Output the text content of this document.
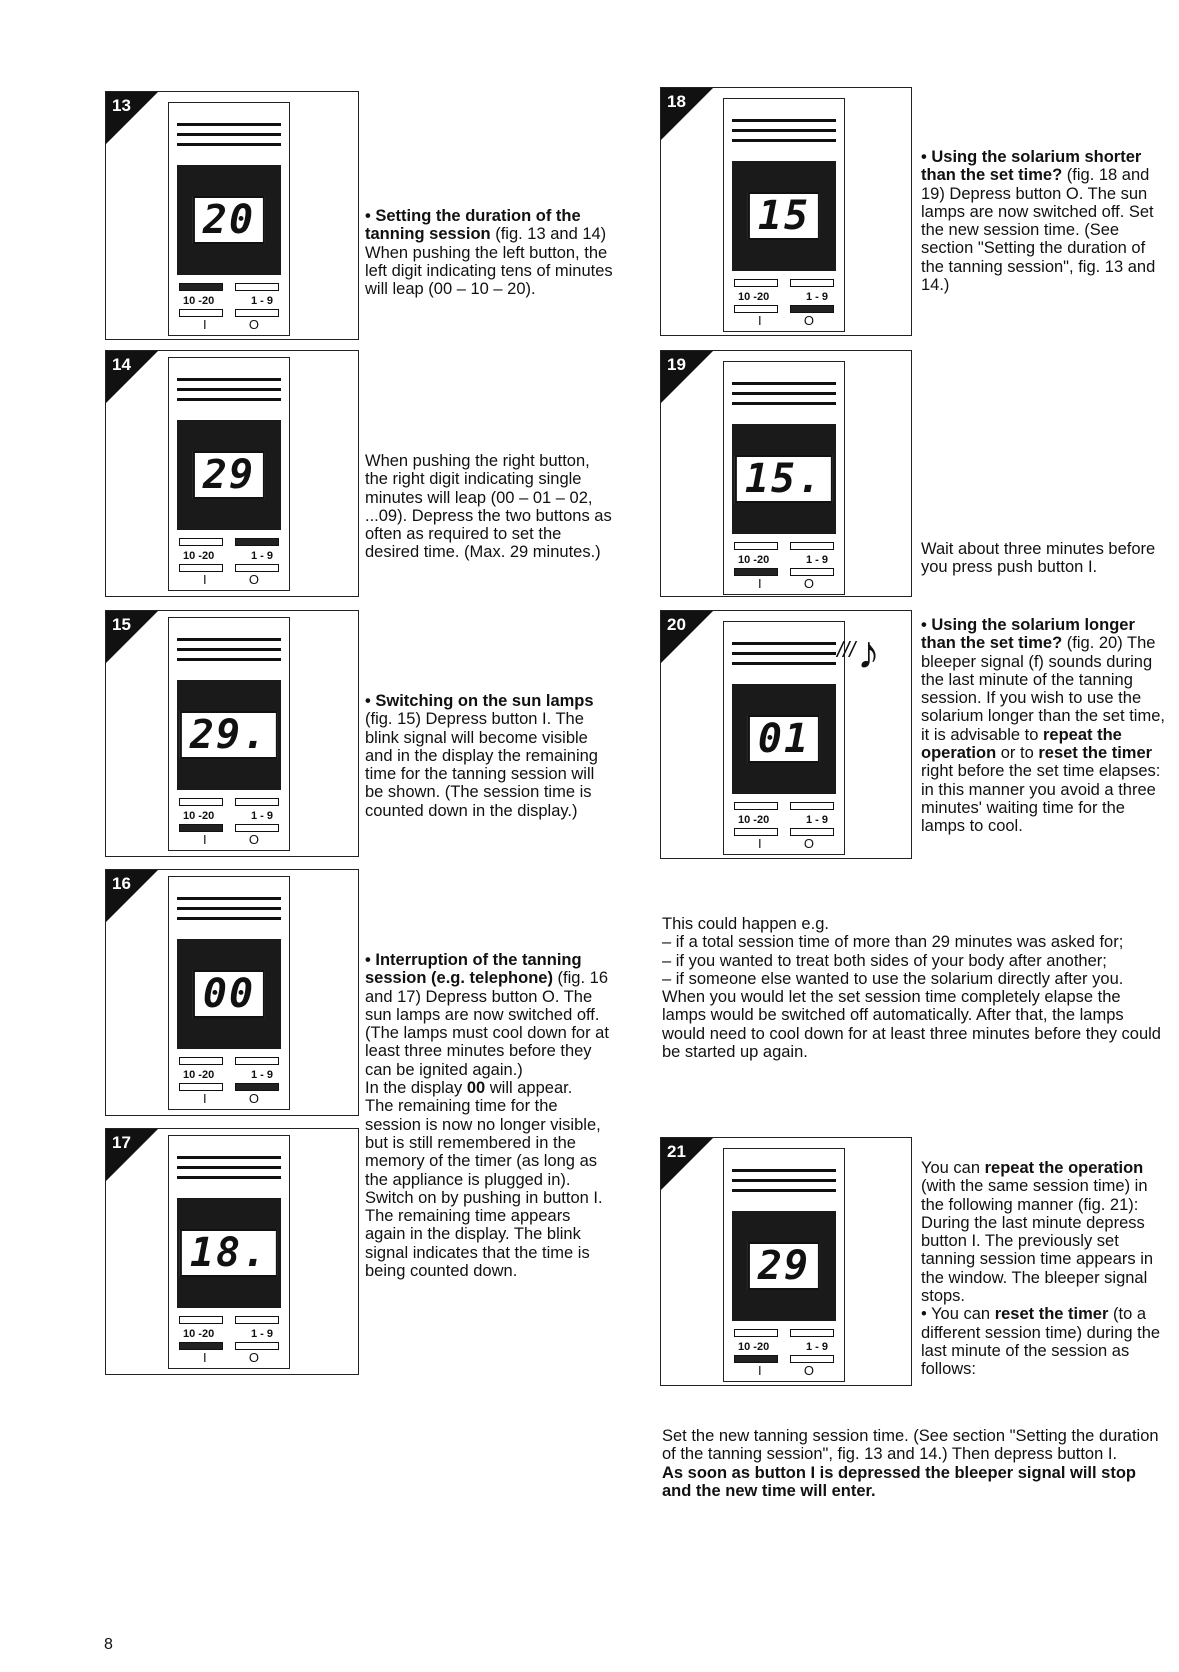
13
20
10 -20	1 - 9
I	O
14
29
10 -20	1 - 9
I	O
15
29.
10 -20	1 - 9
I	O
16
00
10 -20	1 - 9
I	O
17
18.
10 -20	1 - 9
I	O
18
15
10 -20	1 - 9
I	O
19
15.
10 -20	1 - 9
I	O
20
01
10 -20	1 - 9
I	O
♪
///
21
29
10 -20	1 - 9
I	O

• Setting the duration of the tanning session (fig. 13 and 14) When pushing the left button, the left digit indicating tens of minutes will leap (00 – 10 – 20).

When pushing the right button, the right digit indicating single minutes will leap (00 – 01 – 02, ...09). Depress the two buttons as often as required to set the desired time. (Max. 29 minutes.)

• Switching on the sun lamps (fig. 15) Depress button I. The blink signal will become visible and in the display the remaining time for the tanning session will be shown. (The session time is counted down in the display.)

• Interruption of the tanning session (e.g. telephone) (fig. 16 and 17) Depress button O. The sun lamps are now switched off. (The lamps must cool down for at least three minutes before they can be ignited again.)

In the display 00 will appear.

The remaining time for the session is now no longer visible, but is still remembered in the memory of the timer (as long as the appliance is plugged in). Switch on by pushing in button I. The remaining time appears again in the display. The blink signal indicates that the time is being counted down.

• Using the solarium shorter than the set time? (fig. 18 and 19) Depress button O. The sun lamps are now switched off. Set the new session time. (See section "Setting the duration of the tanning session", fig. 13 and 14.)

Wait about three minutes before you press push button I.

• Using the solarium longer than the set time? (fig. 20) The bleeper signal (f) sounds during the last minute of the tanning session. If you wish to use the solarium longer than the set time, it is advisable to repeat the operation or to reset the timer right before the set time elapses: in this manner you avoid a three minutes' waiting time for the lamps to cool.

This could happen e.g.

– if a total session time of more than 29 minutes was asked for;

– if you wanted to treat both sides of your body after another;

– if someone else wanted to use the solarium directly after you.

When you would let the set session time completely elapse the lamps would be switched off automatically. After that, the lamps would need to cool down for at least three minutes before they could be started up again.

You can repeat the operation (with the same session time) in the following manner (fig. 21): During the last minute depress button I. The previously set tanning session time appears in the window. The bleeper signal stops.

• You can reset the timer (to a different session time) during the last minute of the session as follows:

Set the new tanning session time. (See section "Setting the duration of the tanning session", fig. 13 and 14.) Then depress button I.

As soon as button I is depressed the bleeper signal will stop and the new time will enter.

8
